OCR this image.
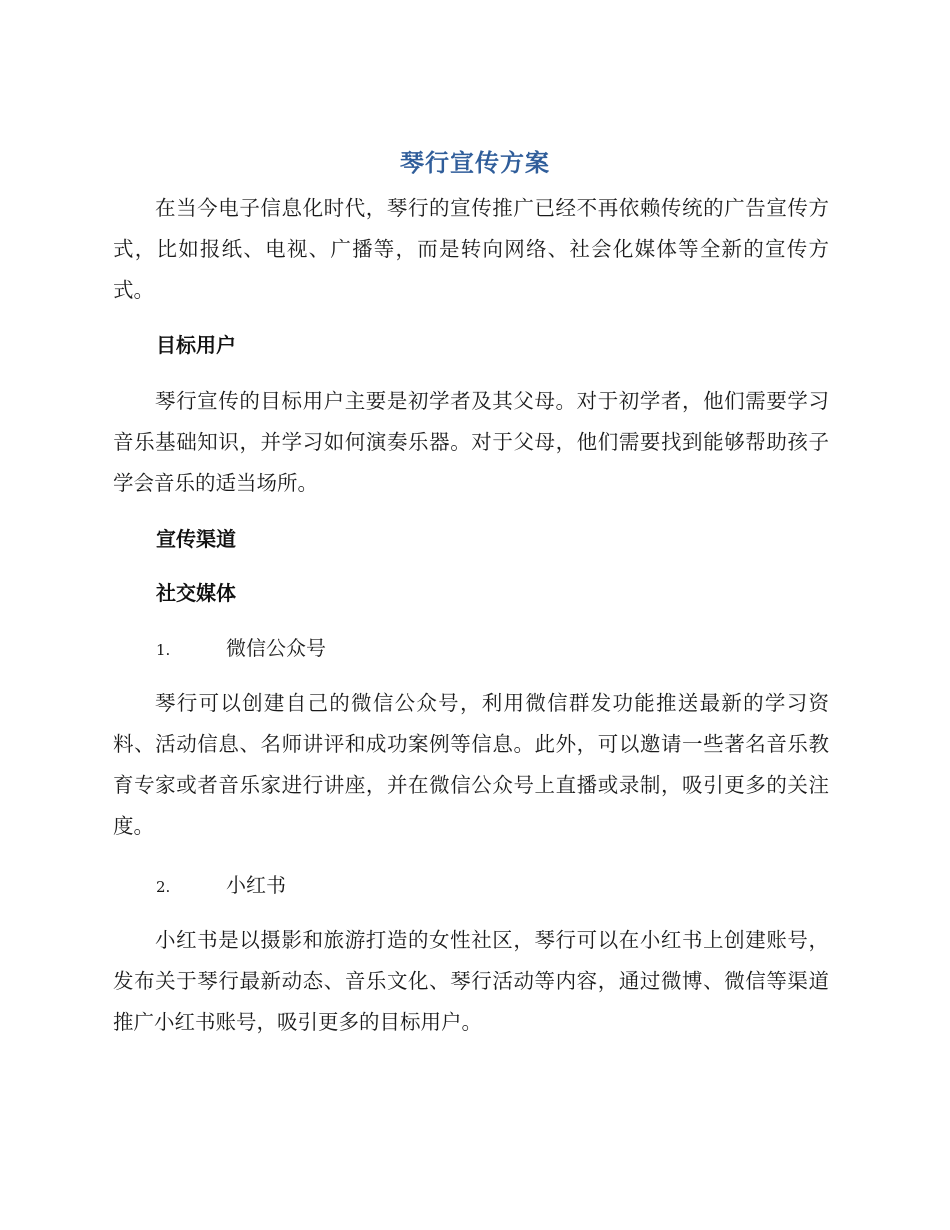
琴行宣传方案

在当今电子信息化时代，琴行的宣传推广已经不再依赖传统的广告宣传方式，比如报纸、电视、广播等，而是转向网络、社会化媒体等全新的宣传方式。

目标用户

琴行宣传的目标用户主要是初学者及其父母。对于初学者，他们需要学习音乐基础知识，并学习如何演奏乐器。对于父母，他们需要找到能够帮助孩子学会音乐的适当场所。

宣传渠道
社交媒体
1.	微信公众号

琴行可以创建自己的微信公众号，利用微信群发功能推送最新的学习资料、活动信息、名师讲评和成功案例等信息。此外，可以邀请一些著名音乐教育专家或者音乐家进行讲座，并在微信公众号上直播或录制，吸引更多的关注度。

2.	小红书

小红书是以摄影和旅游打造的女性社区，琴行可以在小红书上创建账号，发布关于琴行最新动态、音乐文化、琴行活动等内容，通过微博、微信等渠道推广小红书账号，吸引更多的目标用户。
